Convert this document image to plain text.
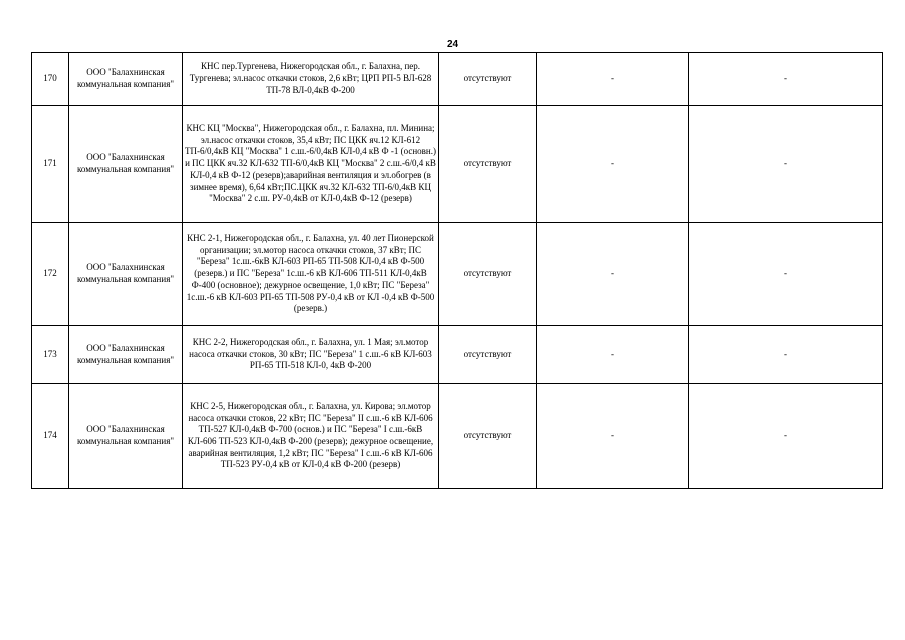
24
170	ООО "Балахнинская коммунальная компания"	КНС пер.Тургенева, Нижегородская обл., г. Балахна, пер. Тургенева; эл.насос откачки стоков, 2,6 кВт; ЦРП РП-5 ВЛ-628 ТП-78 ВЛ-0,4кВ Ф-200	отсутствуют	-	-
171	ООО "Балахнинская коммунальная компания"	КНС КЦ "Москва", Нижегородская обл., г. Балахна, пл. Минина; эл.насос откачки стоков, 35,4 кВт; ПС ЦКК яч.12 КЛ-612 ТП-6/0,4кВ КЦ "Москва" 1 с.ш.-6/0,4кВ КЛ-0,4 кВ Ф -1 (основн.) и ПС ЦКК яч.32 КЛ-632 ТП-6/0,4кВ КЦ "Москва" 2 с.ш.-6/0,4 кВ КЛ-0,4 кВ Ф-12 (резерв);аварийная вентиляция и эл.обогрев (в зимнее время), 6,64 кВт;ПС.ЦКК яч.32 КЛ-632 ТП-6/0,4кВ КЦ "Москва" 2 с.ш. РУ-0,4кВ от КЛ-0,4кВ Ф-12 (резерв)	отсутствуют	-	-
172	ООО "Балахнинская коммунальная компания"	КНС 2-1, Нижегородская обл., г. Балахна, ул. 40 лет Пионерской организации; эл.мотор насоса откачки стоков, 37 кВт; ПС "Береза" 1с.ш.-6кВ КЛ-603 РП-65 ТП-508 КЛ-0,4 кВ Ф-500 (резерв.) и ПС "Береза" 1с.ш.-6 кВ КЛ-606 ТП-511 КЛ-0,4кВ Ф-400 (основное); дежурное освещение, 1,0 кВт; ПС "Береза" 1с.ш.-6 кВ КЛ-603 РП-65 ТП-508 РУ-0,4 кВ от КЛ -0,4 кВ Ф-500 (резерв.)	отсутствуют	-	-
173	ООО "Балахнинская коммунальная компания"	КНС 2-2, Нижегородская обл., г. Балахна, ул. 1 Мая; эл.мотор насоса откачки стоков, 30 кВт; ПС "Береза" 1 с.ш.-6 кВ КЛ-603 РП-65 ТП-518 КЛ-0, 4кВ Ф-200	отсутствуют	-	-
174	ООО "Балахнинская коммунальная компания"	КНС 2-5, Нижегородская обл., г. Балахна, ул. Кирова; эл.мотор насоса откачки стоков, 22 кВт; ПС "Береза" II с.ш.-6 кВ КЛ-606 ТП-527 КЛ-0,4кВ Ф-700 (основ.) и ПС "Береза" I с.ш.-6кВ КЛ-606 ТП-523 КЛ-0,4кВ Ф-200 (резерв); дежурное освещение, аварийная вентиляция, 1,2 кВт; ПС "Береза" I с.ш.-6 кВ КЛ-606 ТП-523 РУ-0,4 кВ от КЛ-0,4 кВ Ф-200 (резерв)	отсутствуют	-	-
